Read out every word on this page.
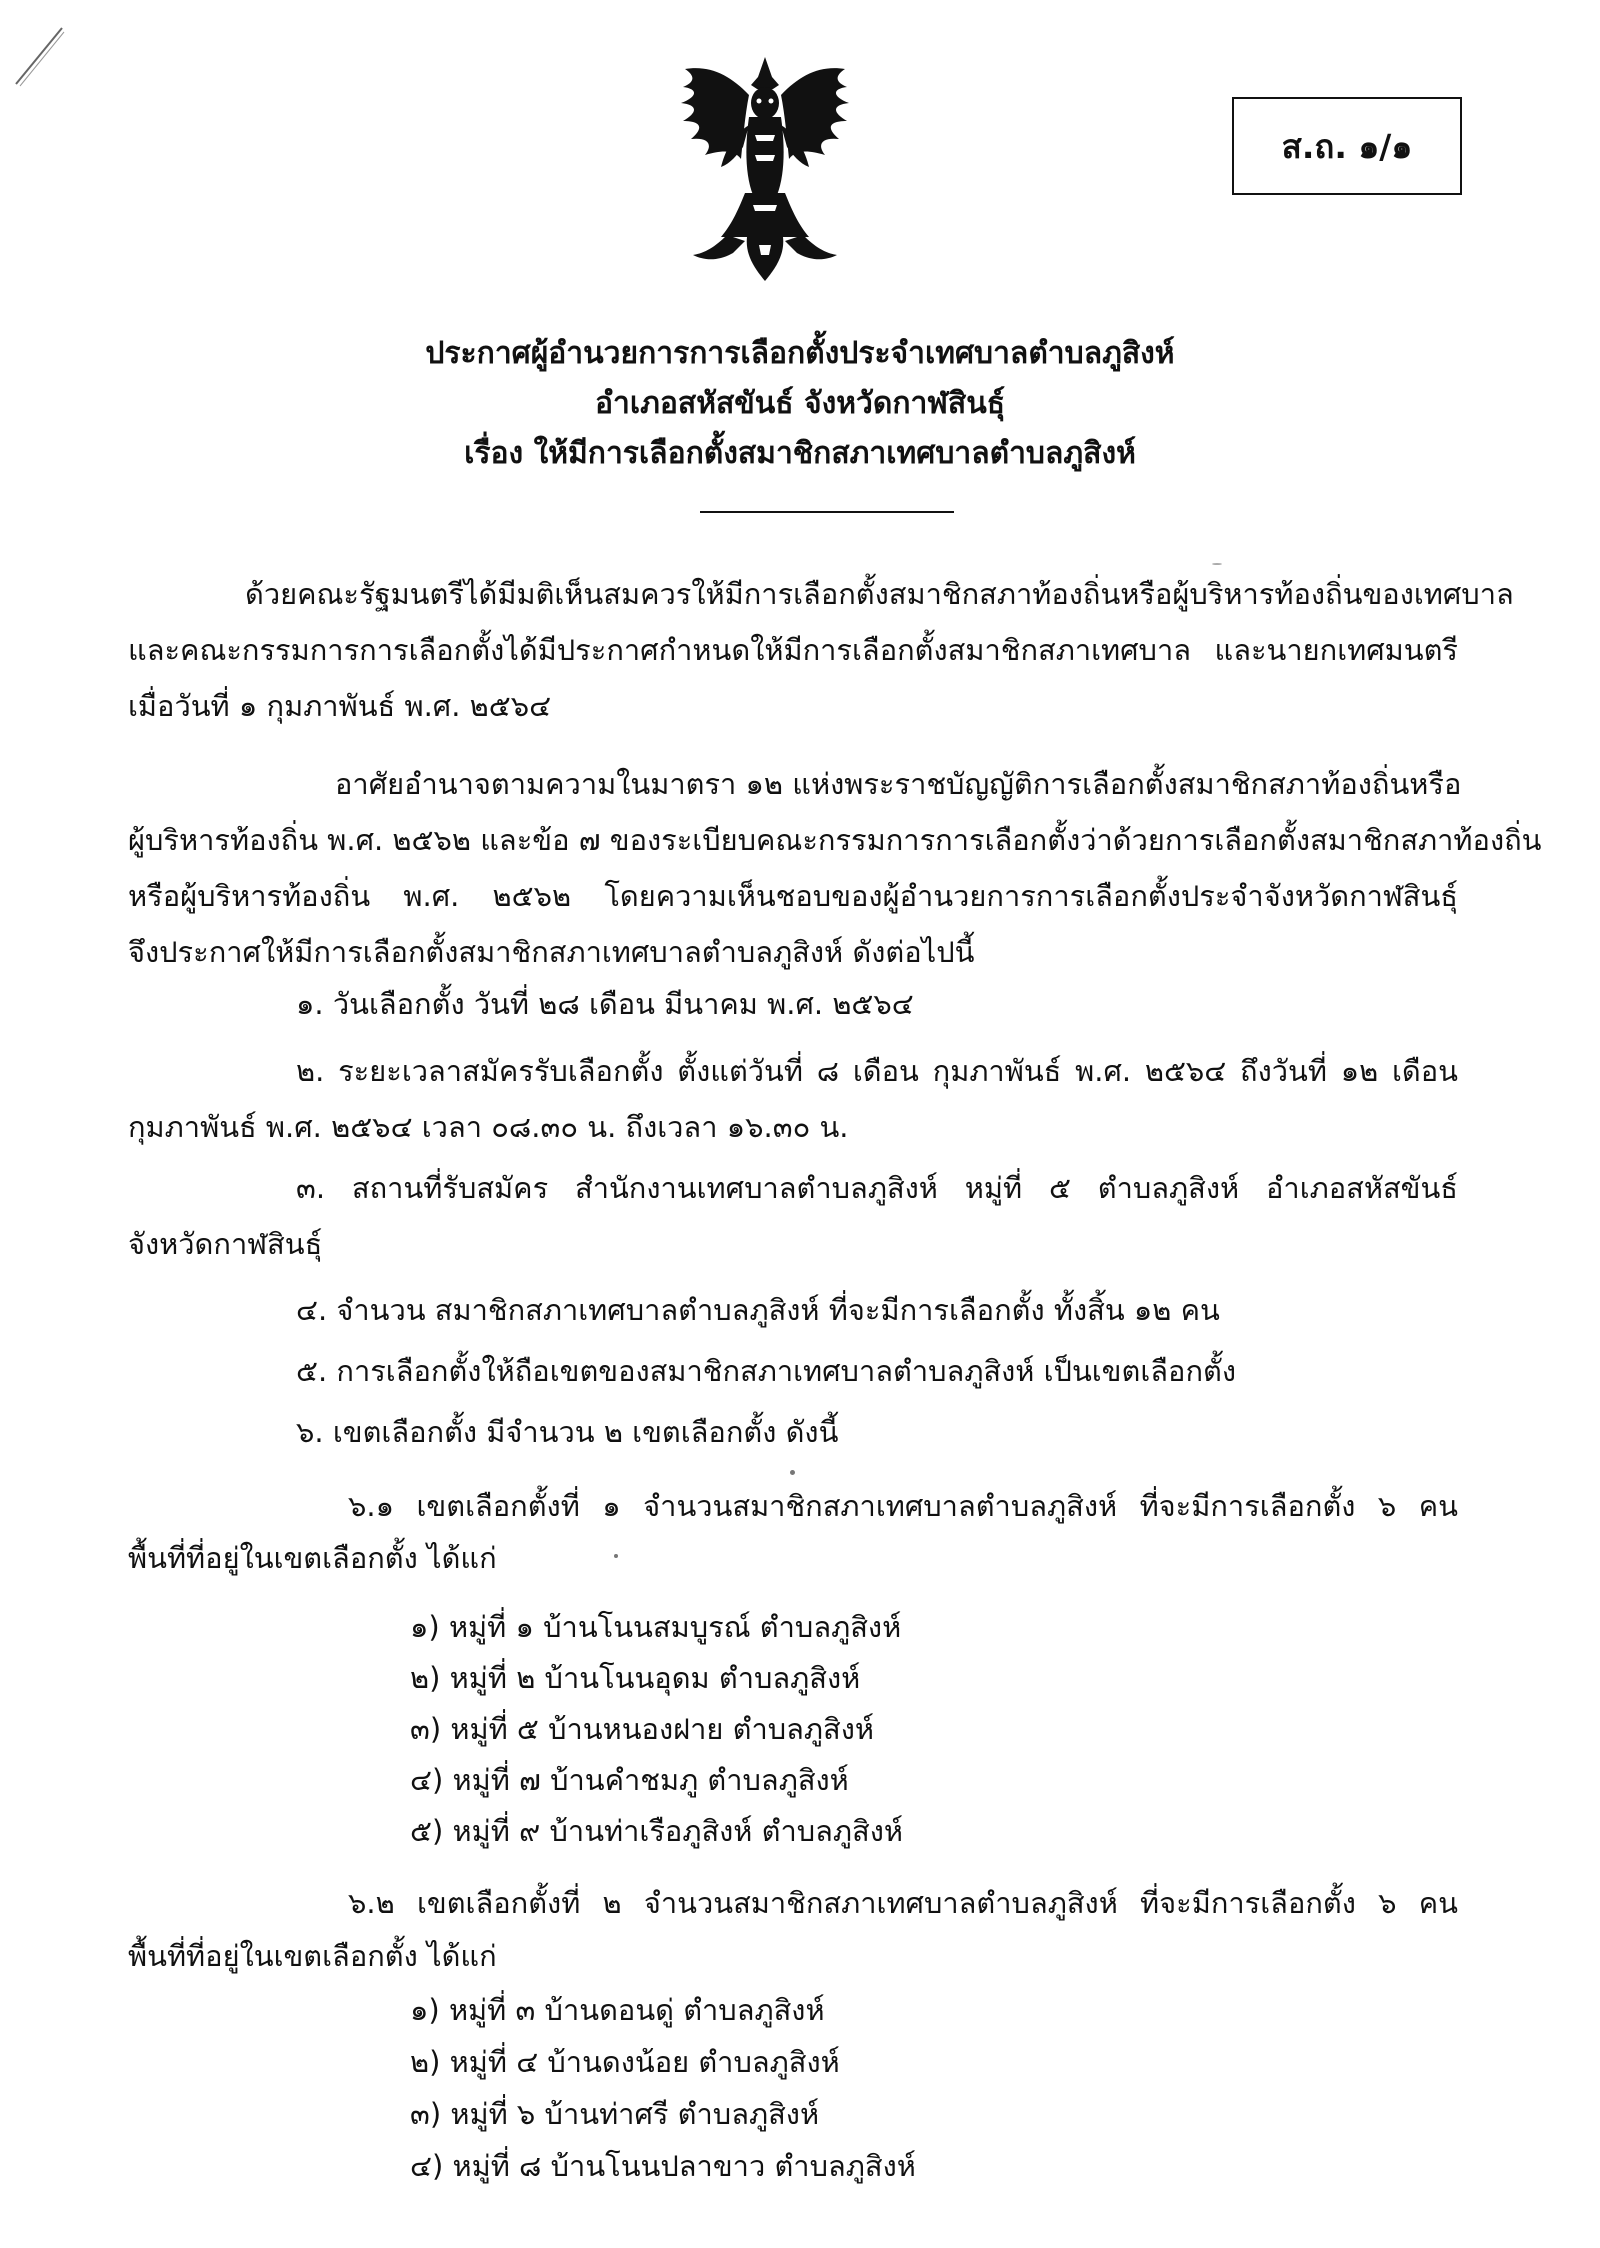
ส.ถ. ๑/๑
ประกาศผู้อำนวยการการเลือกตั้งประจำเทศบาลตำบลภูสิงห์
อำเภอสหัสขันธ์ จังหวัดกาฬสินธุ์
เรื่อง ให้มีการเลือกตั้งสมาชิกสภาเทศบาลตำบลภูสิงห์
ด้วยคณะรัฐมนตรีได้มีมติเห็นสมควรให้มีการเลือกตั้งสมาชิกสภาท้องถิ่นหรือผู้บริหารท้องถิ่นของเทศบาล
และคณะกรรมการการเลือกตั้งได้มีประกาศกำหนดให้มีการเลือกตั้งสมาชิกสภาเทศบาล และนายกเทศมนตรี
เมื่อวันที่ ๑ กุมภาพันธ์ พ.ศ. ๒๕๖๔
อาศัยอำนาจตามความในมาตรา ๑๒ แห่งพระราชบัญญัติการเลือกตั้งสมาชิกสภาท้องถิ่นหรือ
ผู้บริหารท้องถิ่น พ.ศ. ๒๕๖๒ และข้อ ๗ ของระเบียบคณะกรรมการการเลือกตั้งว่าด้วยการเลือกตั้งสมาชิกสภาท้องถิ่น
หรือผู้บริหารท้องถิ่น พ.ศ. ๒๕๖๒ โดยความเห็นชอบของผู้อำนวยการการเลือกตั้งประจำจังหวัดกาฬสินธุ์
จึงประกาศให้มีการเลือกตั้งสมาชิกสภาเทศบาลตำบลภูสิงห์ ดังต่อไปนี้
๑. วันเลือกตั้ง วันที่ ๒๘ เดือน มีนาคม พ.ศ. ๒๕๖๔
๒. ระยะเวลาสมัครรับเลือกตั้ง ตั้งแต่วันที่ ๘ เดือน กุมภาพันธ์ พ.ศ. ๒๕๖๔ ถึงวันที่ ๑๒ เดือน
กุมภาพันธ์ พ.ศ. ๒๕๖๔ เวลา ๐๘.๓๐ น. ถึงเวลา ๑๖.๓๐ น.
๓. สถานที่รับสมัคร สำนักงานเทศบาลตำบลภูสิงห์ หมู่ที่ ๕ ตำบลภูสิงห์ อำเภอสหัสขันธ์
จังหวัดกาฬสินธุ์
๔. จำนวน สมาชิกสภาเทศบาลตำบลภูสิงห์ ที่จะมีการเลือกตั้ง ทั้งสิ้น ๑๒ คน
๕. การเลือกตั้งให้ถือเขตของสมาชิกสภาเทศบาลตำบลภูสิงห์ เป็นเขตเลือกตั้ง
๖. เขตเลือกตั้ง มีจำนวน ๒ เขตเลือกตั้ง ดังนี้
๖.๑ เขตเลือกตั้งที่ ๑ จำนวนสมาชิกสภาเทศบาลตำบลภูสิงห์ ที่จะมีการเลือกตั้ง ๖ คน
พื้นที่ที่อยู่ในเขตเลือกตั้ง ได้แก่
๑) หมู่ที่ ๑ บ้านโนนสมบูรณ์ ตำบลภูสิงห์
๒) หมู่ที่ ๒ บ้านโนนอุดม ตำบลภูสิงห์
๓) หมู่ที่ ๕ บ้านหนองฝาย ตำบลภูสิงห์
๔) หมู่ที่ ๗ บ้านคำชมภู ตำบลภูสิงห์
๕) หมู่ที่ ๙ บ้านท่าเรือภูสิงห์ ตำบลภูสิงห์
๖.๒ เขตเลือกตั้งที่ ๒ จำนวนสมาชิกสภาเทศบาลตำบลภูสิงห์ ที่จะมีการเลือกตั้ง ๖ คน
พื้นที่ที่อยู่ในเขตเลือกตั้ง ได้แก่
๑) หมู่ที่ ๓ บ้านดอนดู่ ตำบลภูสิงห์
๒) หมู่ที่ ๔ บ้านดงน้อย ตำบลภูสิงห์
๓) หมู่ที่ ๖ บ้านท่าศรี ตำบลภูสิงห์
๔) หมู่ที่ ๘ บ้านโนนปลาขาว ตำบลภูสิงห์
